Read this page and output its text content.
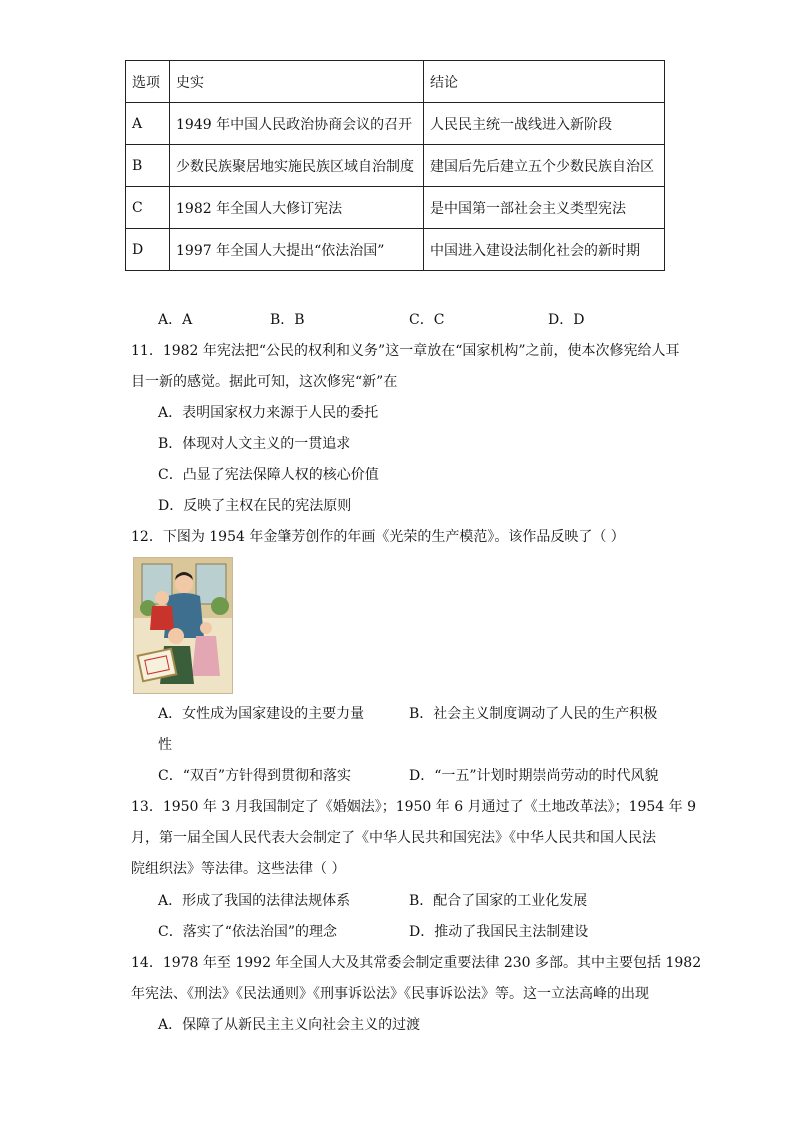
选项	史实	结论
A	1949 年中国人民政治协商会议的召开	人民民主统一战线进入新阶段
B	少数民族聚居地实施民族区域自治制度	建国后先后建立五个少数民族自治区
C	1982 年全国人大修订宪法	是中国第一部社会主义类型宪法
D	1997 年全国人大提出“依法治国”	中国进入建设法制化社会的新时期
A．A	B．B	C．C	D．D
11．1982 年宪法把“公民的权利和义务”这一章放在“国家机构”之前，使本次修宪给人耳
目一新的感觉。据此可知，这次修宪“新”在
A．表明国家权力来源于人民的委托
B．体现对人文主义的一贯追求
C．凸显了宪法保障人权的核心价值
D．反映了主权在民的宪法原则
12．下图为 1954 年金肇芳创作的年画《光荣的生产模范》。该作品反映了（ ）
A．女性成为国家建设的主要力量	B．社会主义制度调动了人民的生产积极
性
C．“双百”方针得到贯彻和落实	D．“一五”计划时期崇尚劳动的时代风貌
13．1950 年 3 月我国制定了《婚姻法》；1950 年 6 月通过了《土地改革法》；1954 年 9
月，第一届全国人民代表大会制定了《中华人民共和国宪法》《中华人民共和国人民法
院组织法》等法律。这些法律（ ）
A．形成了我国的法律法规体系	B．配合了国家的工业化发展
C．落实了“依法治国”的理念	D．推动了我国民主法制建设
14．1978 年至 1992 年全国人大及其常委会制定重要法律 230 多部。其中主要包括 1982
年宪法、《刑法》《民法通则》《刑事诉讼法》《民事诉讼法》等。这一立法高峰的出现
A．保障了从新民主主义向社会主义的过渡
